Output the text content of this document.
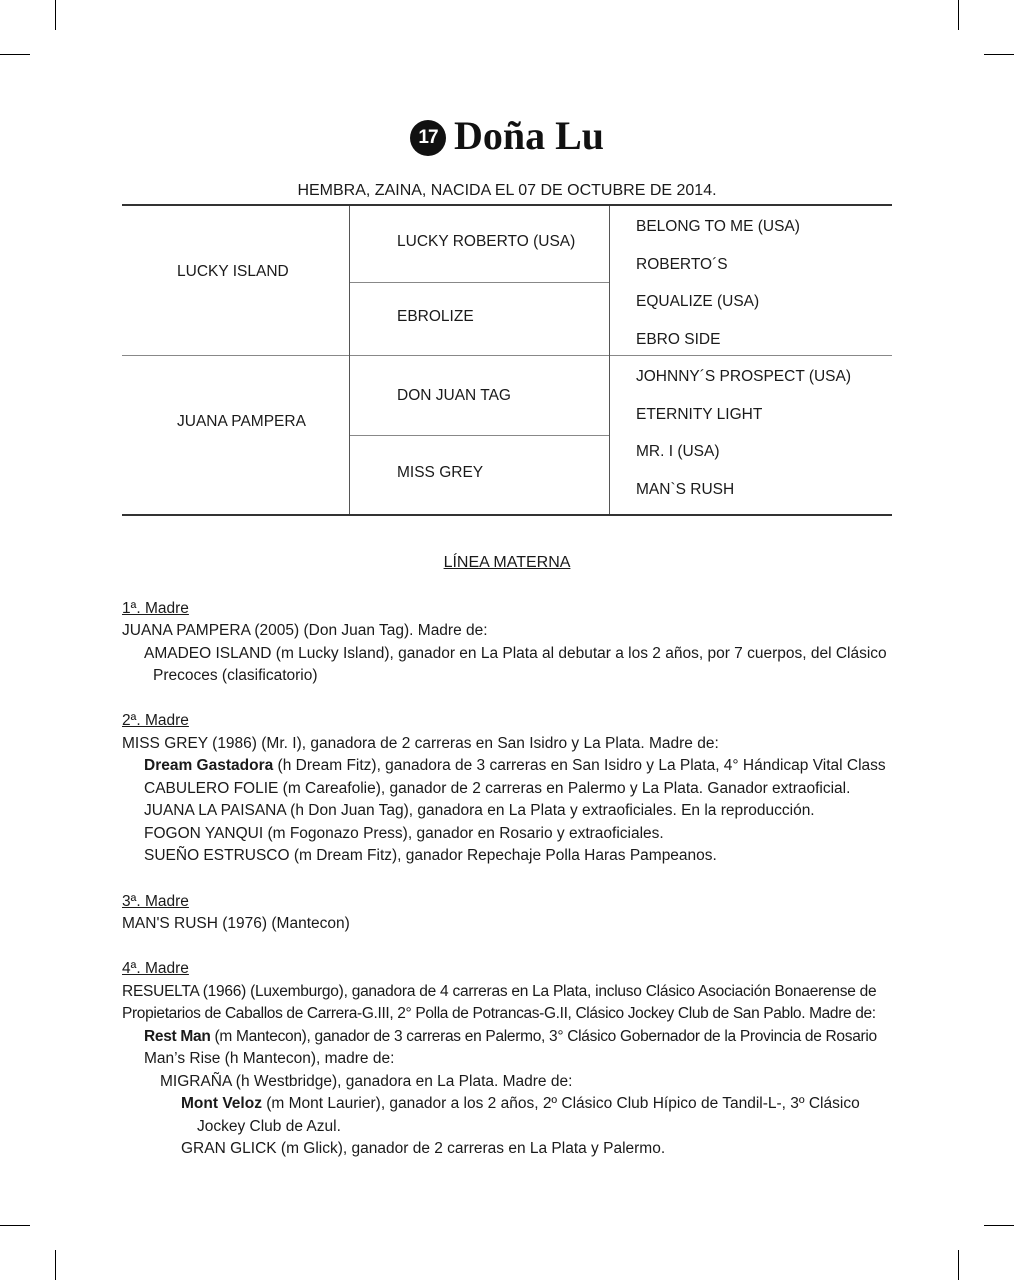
17 Doña Lu
HEMBRA, ZAINA, NACIDA EL 07 DE OCTUBRE DE 2014.
LUCKY ISLAND
JUANA PAMPERA
LUCKY ROBERTO (USA)
EBROLIZE
DON JUAN TAG
MISS GREY
BELONG TO ME (USA)
ROBERTO´S
EQUALIZE (USA)
EBRO SIDE
JOHNNY´S PROSPECT (USA)
ETERNITY LIGHT
MR. I (USA)
MAN`S RUSH
LÍNEA MATERNA
1ª. Madre
JUANA PAMPERA (2005) (Don Juan Tag). Madre de:
AMADEO ISLAND (m Lucky Island), ganador en La Plata al debutar a los 2 años, por 7 cuerpos, del Clásico
Precoces (clasificatorio)
2ª. Madre
MISS GREY (1986) (Mr. I), ganadora de 2 carreras en San Isidro y La Plata. Madre de:
Dream Gastadora (h Dream Fitz), ganadora de 3 carreras en San Isidro y La Plata, 4° Hándicap Vital Class
CABULERO FOLIE (m Careafolie), ganador de 2 carreras en Palermo y La Plata. Ganador extraoficial.
JUANA LA PAISANA (h Don Juan Tag), ganadora en La Plata y extraoficiales. En la reproducción.
FOGON YANQUI (m Fogonazo Press), ganador en Rosario y extraoficiales.
SUEÑO ESTRUSCO (m Dream Fitz), ganador Repechaje Polla Haras Pampeanos.
3ª. Madre
MAN'S RUSH (1976) (Mantecon)
4ª. Madre
RESUELTA (1966) (Luxemburgo), ganadora de 4 carreras en La Plata, incluso Clásico Asociación Bonaerense de
Propietarios de Caballos de Carrera-G.III, 2° Polla de Potrancas-G.II, Clásico Jockey Club de San Pablo. Madre de:
Rest Man (m Mantecon), ganador de 3 carreras en Palermo, 3° Clásico Gobernador de la Provincia de Rosario
Man’s Rise (h Mantecon), madre de:
MIGRAÑA (h Westbridge), ganadora en La Plata. Madre de:
Mont Veloz (m Mont Laurier), ganador a los 2 años, 2º Clásico Club Hípico de Tandil-L-, 3º Clásico
Jockey Club de Azul.
GRAN GLICK (m Glick), ganador de 2 carreras en La Plata y Palermo.
